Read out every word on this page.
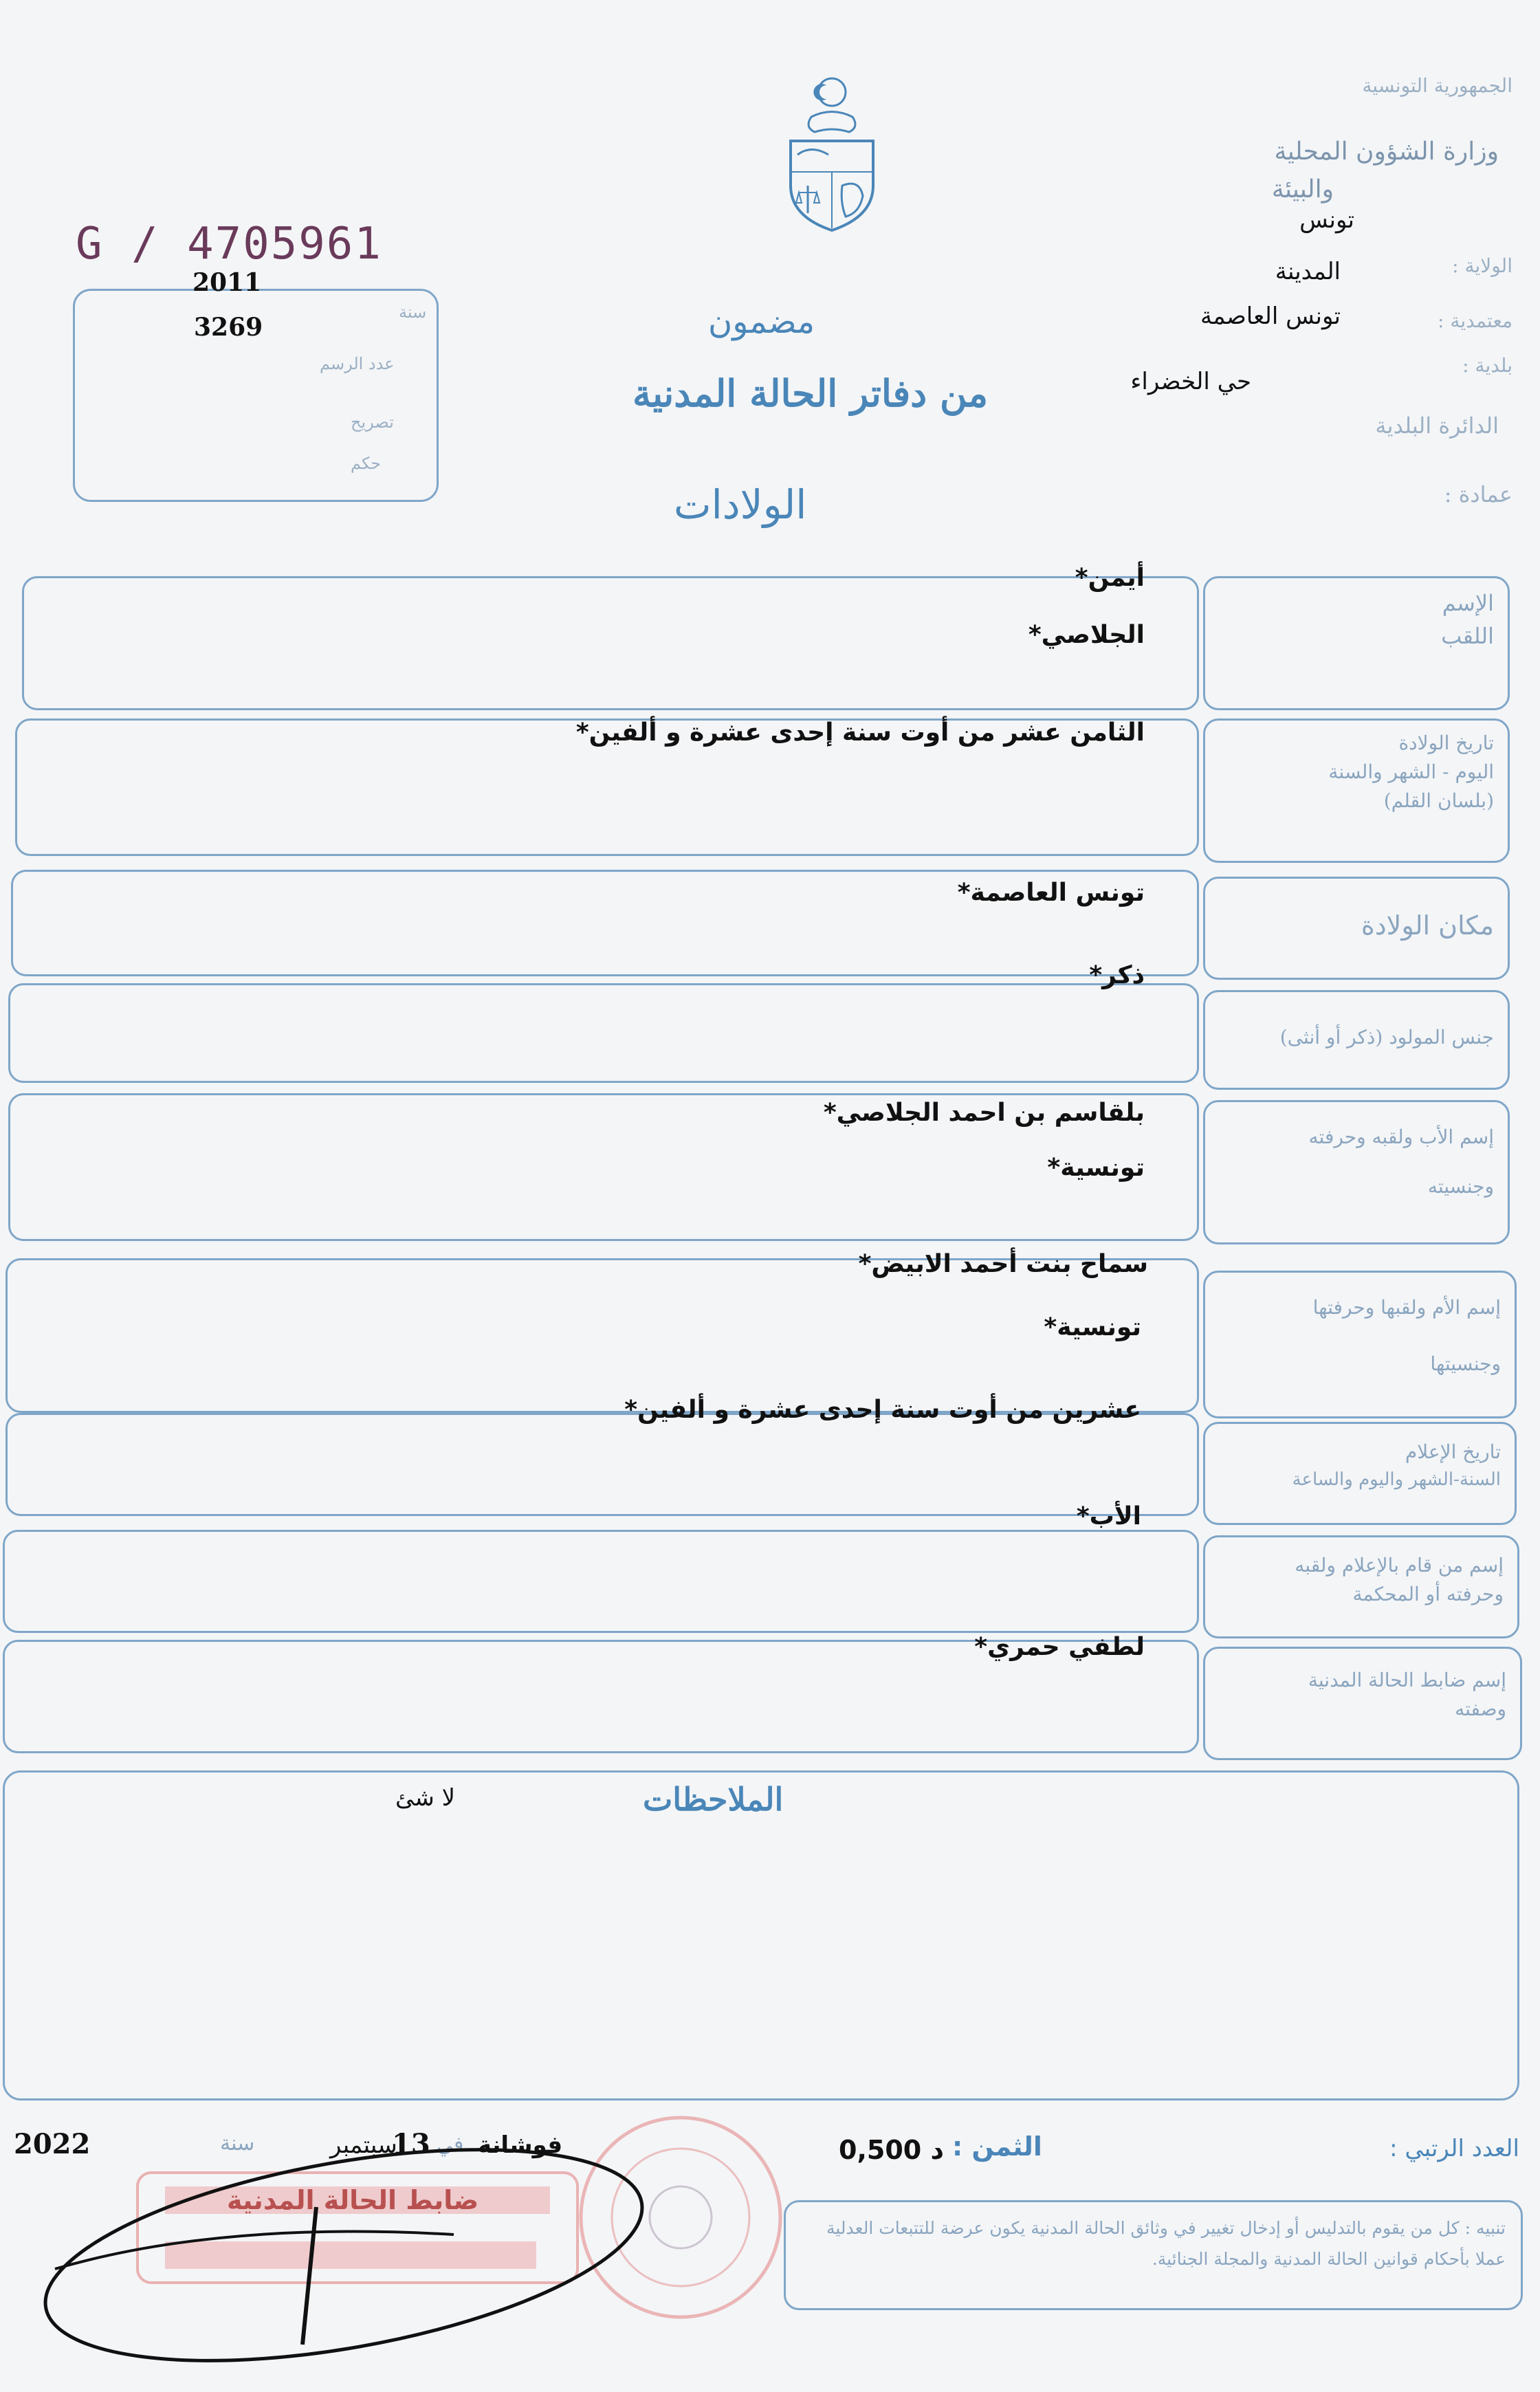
الجمهورية التونسية
وزارة الشؤون المحلية
والبيئة
تونس
الولاية :
المدينة
معتمدية :
تونس العاصمة
بلدية :
حي الخضراء
الدائرة البلدية
عمادة :
G / 4705961
2011
سنة
3269
عدد الرسم
تصريح
حكم
مضمون
من دفاتر الحالة المدنية
الولادات
الإسم
اللقب
أيمن*
الجلاصي*
تاريخ الولادة
اليوم - الشهر والسنة
(بلسان القلم)
الثامن عشر من أوت سنة إحدى عشرة و ألفين*
مكان الولادة
تونس العاصمة*
جنس المولود (ذكر أو أنثى)
ذكر*
إسم الأب ولقبه وحرفته
وجنسيته
بلقاسم بن احمد الجلاصي*
تونسية*
إسم الأم ولقبها وحرفتها
وجنسيتها
سماح بنت أحمد الابيض*
تونسية*
تاريخ الإعلام
السنة-الشهر واليوم والساعة
عشرين من أوت سنة إحدى عشرة و ألفين*
إسم من قام بالإعلام ولقبه
وحرفته أو المحكمة
الأب*
إسم ضابط الحالة المدنية
وصفته
لطفي حمري*
الملاحظات
لا شئ
العدد الرتبي :
الثمن :
0,500 د
2022	سنة	سبتمبر
13 في فوشانة
ضابط الحالة المدنية
تنبيه : كل من يقوم بالتدليس أو إدخال تغيير في وثائق الحالة المدنية يكون عرضة للتتبعات العدلية عملا بأحكام قوانين الحالة المدنية والمجلة الجنائية.
